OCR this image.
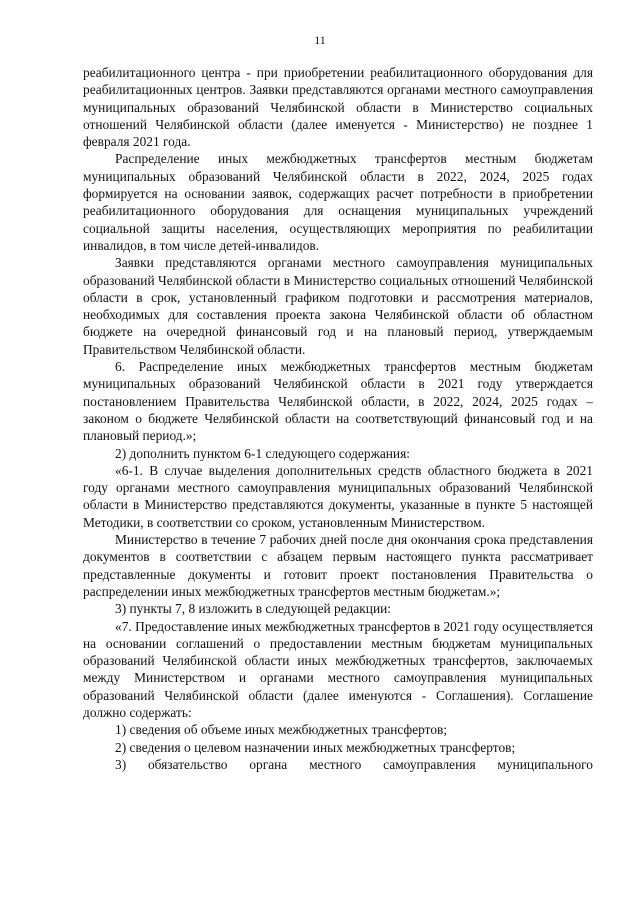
11

реабилитационного центра - при приобретении реабилитационного оборудования для реабилитационных центров. Заявки представляются органами местного самоуправления муниципальных образований Челябинской области в Министерство социальных отношений Челябинской области (далее именуется - Министерство) не позднее 1 февраля 2021 года.

Распределение иных межбюджетных трансфертов местным бюджетам муниципальных образований Челябинской области в 2022, 2024, 2025 годах формируется на основании заявок, содержащих расчет потребности в приобретении реабилитационного оборудования для оснащения муниципальных учреждений социальной защиты населения, осуществляющих мероприятия по реабилитации инвалидов, в том числе детей-инвалидов.

Заявки представляются органами местного самоуправления муниципальных образований Челябинской области в Министерство социальных отношений Челябинской области в срок, установленный графиком подготовки и рассмотрения материалов, необходимых для составления проекта закона Челябинской области об областном бюджете на очередной финансовый год и на плановый период, утверждаемым Правительством Челябинской области.

6. Распределение иных межбюджетных трансфертов местным бюджетам муниципальных образований Челябинской области в 2021 году утверждается постановлением Правительства Челябинской области, в 2022, 2024, 2025 годах – законом о бюджете Челябинской области на соответствующий финансовый год и на плановый период.»;

2) дополнить пунктом 6-1 следующего содержания:

«6-1. В случае выделения дополнительных средств областного бюджета в 2021 году органами местного самоуправления муниципальных образований Челябинской области в Министерство представляются документы, указанные в пункте 5 настоящей Методики, в соответствии со сроком, установленным Министерством.

Министерство в течение 7 рабочих дней после дня окончания срока представления документов в соответствии с абзацем первым настоящего пункта рассматривает представленные документы и готовит проект постановления Правительства о распределении иных межбюджетных трансфертов местным бюджетам.»;

3) пункты 7, 8 изложить в следующей редакции:

«7. Предоставление иных межбюджетных трансфертов в 2021 году осуществляется на основании соглашений о предоставлении местным бюджетам муниципальных образований Челябинской области иных межбюджетных трансфертов, заключаемых между Министерством и органами местного самоуправления муниципальных образований Челябинской области (далее именуются - Соглашения). Соглашение должно содержать:

1) сведения об объеме иных межбюджетных трансфертов;

2) сведения о целевом назначении иных межбюджетных трансфертов;

3) обязательство органа местного самоуправления муниципального
